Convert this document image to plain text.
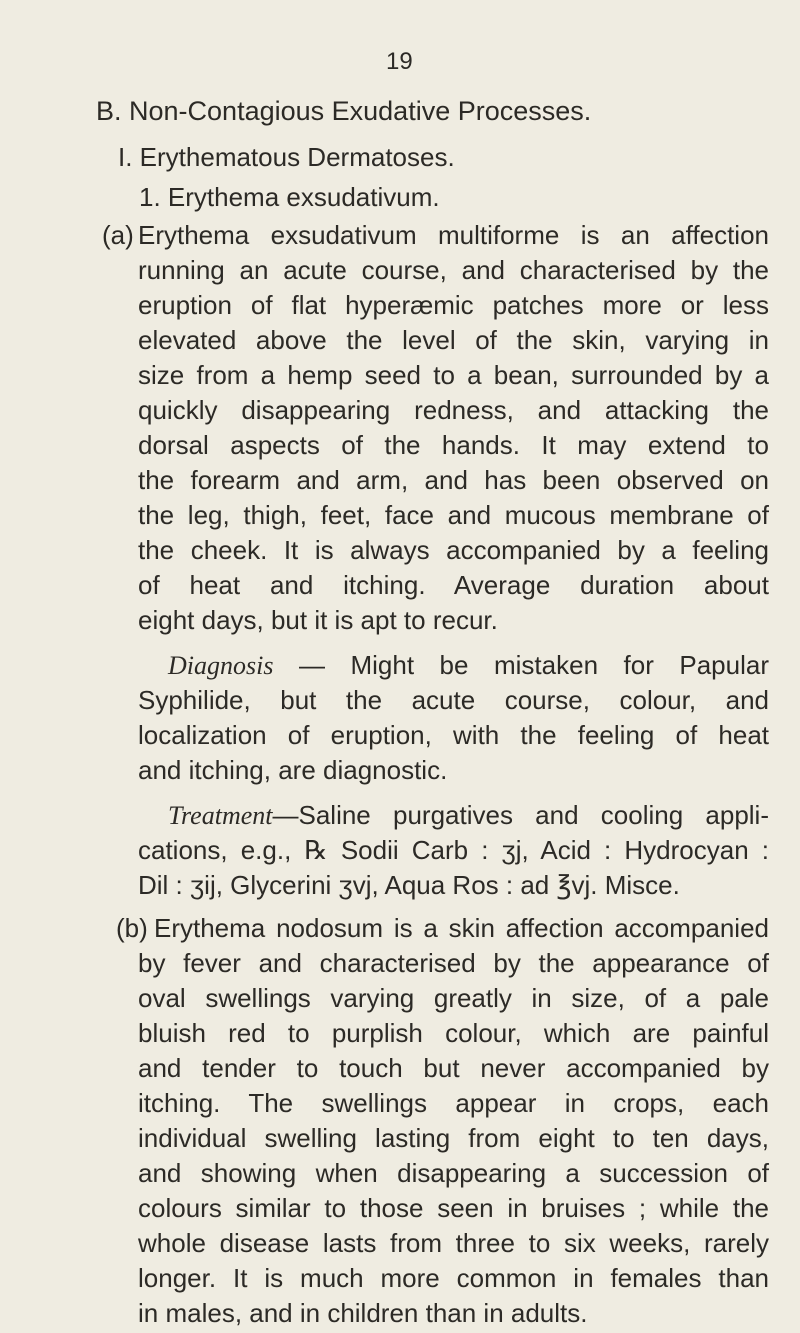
19
B. Non-Contagious Exudative Processes.
I. Erythematous Dermatoses.
1. Erythema exsudativum.
(a) Erythema exsudativum multiforme is an affection
running an acute course, and characterised by the
eruption of flat hyperæmic patches more or less
elevated above the level of the skin, varying in
size from a hemp seed to a bean, surrounded by a
quickly disappearing redness, and attacking the
dorsal aspects of the hands. It may extend to
the forearm and arm, and has been observed on
the leg, thigh, feet, face and mucous membrane of
the cheek. It is always accompanied by a feeling
of heat and itching. Average duration about
eight days, but it is apt to recur.
Diagnosis — Might be mistaken for Papular
Syphilide, but the acute course, colour, and
localization of eruption, with the feeling of heat
and itching, are diagnostic.
Treatment—Saline purgatives and cooling appli-
cations, e.g., ℞ Sodii Carb : ʒj, Acid : Hydrocyan :
Dil : ʒij, Glycerini ʒvj, Aqua Ros : ad ℥vj. Misce.
(b) Erythema nodosum is a skin affection accompanied
by fever and characterised by the appearance of
oval swellings varying greatly in size, of a pale
bluish red to purplish colour, which are painful
and tender to touch but never accompanied by
itching. The swellings appear in crops, each
individual swelling lasting from eight to ten days,
and showing when disappearing a succession of
colours similar to those seen in bruises ; while the
whole disease lasts from three to six weeks, rarely
longer. It is much more common in females than
in males, and in children than in adults.
